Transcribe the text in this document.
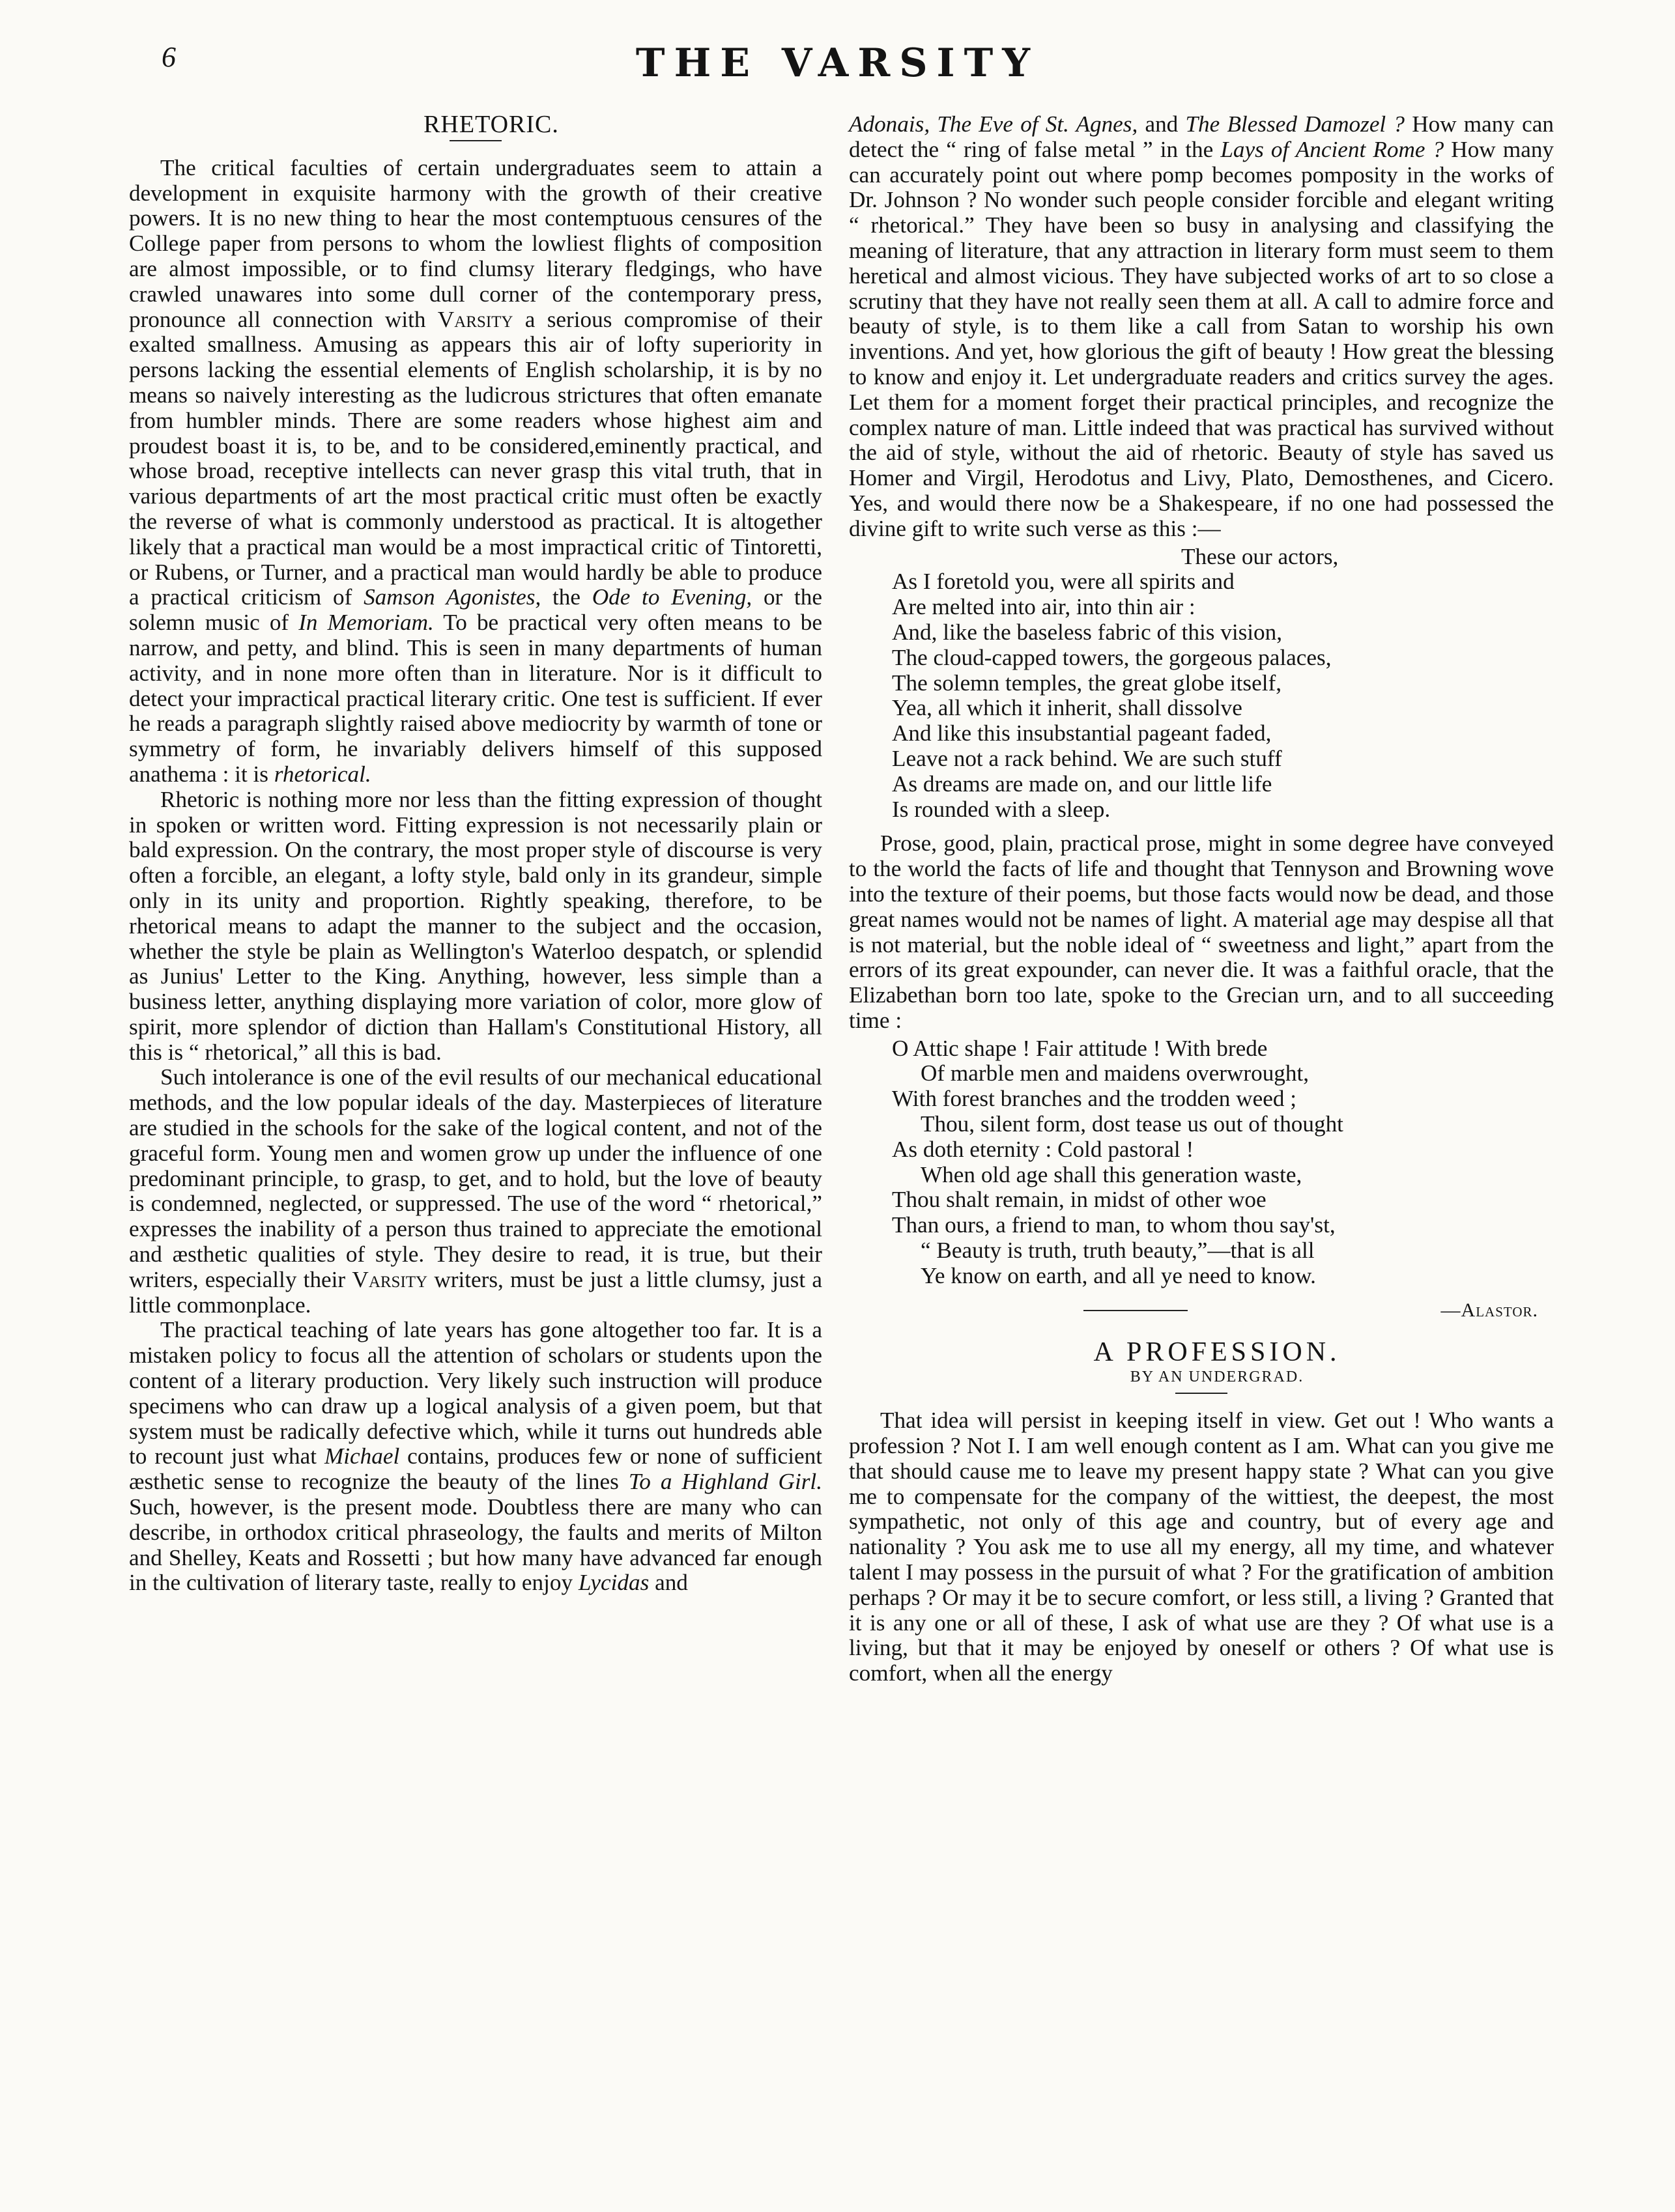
6	THE VARSITY

RHETORIC.

The critical faculties of certain undergraduates seem to attain a development in exquisite harmony with the growth of their creative powers. It is no new thing to hear the most contemptuous censures of the College paper from persons to whom the lowliest flights of composition are almost impossible, or to find clumsy literary fledgings, who have crawled unawares into some dull corner of the contemporary press, pronounce all connection with Varsity a serious compromise of their exalted smallness. Amusing as appears this air of lofty superiority in persons lacking the essential elements of English scholarship, it is by no means so naively interesting as the ludicrous strictures that often emanate from humbler minds. There are some readers whose highest aim and proudest boast it is, to be, and to be considered,eminently practical, and whose broad, receptive intellects can never grasp this vital truth, that in various departments of art the most practical critic must often be exactly the reverse of what is commonly understood as practical. It is altogether likely that a practical man would be a most impractical critic of Tintoretti, or Rubens, or Turner, and a practical man would hardly be able to produce a practical criticism of Samson Agonistes, the Ode to Evening, or the solemn music of In Memoriam. To be practical very often means to be narrow, and petty, and blind. This is seen in many departments of human activity, and in none more often than in literature. Nor is it difficult to detect your impractical practical literary critic. One test is sufficient. If ever he reads a paragraph slightly raised above mediocrity by warmth of tone or symmetry of form, he invariably delivers himself of this supposed anathema : it is rhetorical.

Rhetoric is nothing more nor less than the fitting expression of thought in spoken or written word. Fitting expression is not necessarily plain or bald expression. On the contrary, the most proper style of discourse is very often a forcible, an elegant, a lofty style, bald only in its grandeur, simple only in its unity and proportion. Rightly speaking, therefore, to be rhetorical means to adapt the manner to the subject and the occasion, whether the style be plain as Wellington's Waterloo despatch, or splendid as Junius' Letter to the King. Anything, however, less simple than a business letter, anything displaying more variation of color, more glow of spirit, more splendor of diction than Hallam's Constitutional History, all this is “ rhetorical,” all this is bad.

Such intolerance is one of the evil results of our mechanical educational methods, and the low popular ideals of the day. Masterpieces of literature are studied in the schools for the sake of the logical content, and not of the graceful form. Young men and women grow up under the influence of one predominant principle, to grasp, to get, and to hold, but the love of beauty is condemned, neglected, or suppressed. The use of the word “ rhetorical,” expresses the inability of a person thus trained to appreciate the emotional and æsthetic qualities of style. They desire to read, it is true, but their writers, especially their Varsity writers, must be just a little clumsy, just a little commonplace.

The practical teaching of late years has gone altogether too far. It is a mistaken policy to focus all the attention of scholars or students upon the content of a literary production. Very likely such instruction will produce specimens who can draw up a logical analysis of a given poem, but that system must be radically defective which, while it turns out hundreds able to recount just what Michael contains, produces few or none of sufficient æsthetic sense to recognize the beauty of the lines To a Highland Girl. Such, however, is the present mode. Doubtless there are many who can describe, in orthodox critical phraseology, the faults and merits of Milton and Shelley, Keats and Rossetti ; but how many have advanced far enough in the cultivation of literary taste, really to enjoy Lycidas and

Adonais, The Eve of St. Agnes, and The Blessed Damozel ? How many can detect the “ ring of false metal ” in the Lays of Ancient Rome ? How many can accurately point out where pomp becomes pomposity in the works of Dr. Johnson ? No wonder such people consider forcible and elegant writing “ rhetorical.” They have been so busy in analysing and classifying the meaning of literature, that any attraction in literary form must seem to them heretical and almost vicious. They have subjected works of art to so close a scrutiny that they have not really seen them at all. A call to admire force and beauty of style, is to them like a call from Satan to worship his own inventions. And yet, how glorious the gift of beauty ! How great the blessing to know and enjoy it. Let undergraduate readers and critics survey the ages. Let them for a moment forget their practical principles, and recognize the complex nature of man. Little indeed that was practical has survived without the aid of style, without the aid of rhetoric. Beauty of style has saved us Homer and Virgil, Herodotus and Livy, Plato, Demosthenes, and Cicero. Yes, and would there now be a Shakespeare, if no one had possessed the divine gift to write such verse as this :—

These our actors,
As I foretold you, were all spirits and
Are melted into air, into thin air :
And, like the baseless fabric of this vision,
The cloud-capped towers, the gorgeous palaces,
The solemn temples, the great globe itself,
Yea, all which it inherit, shall dissolve
And like this insubstantial pageant faded,
Leave not a rack behind. We are such stuff
As dreams are made on, and our little life
Is rounded with a sleep.

Prose, good, plain, practical prose, might in some degree have conveyed to the world the facts of life and thought that Tennyson and Browning wove into the texture of their poems, but those facts would now be dead, and those great names would not be names of light. A material age may despise all that is not material, but the noble ideal of “ sweetness and light,” apart from the errors of its great expounder, can never die. It was a faithful oracle, that the Elizabethan born too late, spoke to the Grecian urn, and to all succeeding time :

O Attic shape ! Fair attitude ! With brede
Of marble men and maidens overwrought,
With forest branches and the trodden weed ;
Thou, silent form, dost tease us out of thought
As doth eternity : Cold pastoral !
When old age shall this generation waste,
Thou shalt remain, in midst of other woe
Than ours, a friend to man, to whom thou say'st,
“ Beauty is truth, truth beauty,”—that is all
Ye know on earth, and all ye need to know.
—Alastor.

A PROFESSION.

BY AN UNDERGRAD.

That idea will persist in keeping itself in view. Get out ! Who wants a profession ? Not I. I am well enough content as I am. What can you give me that should cause me to leave my present happy state ? What can you give me to compensate for the company of the wittiest, the deepest, the most sympathetic, not only of this age and country, but of every age and nationality ? You ask me to use all my energy, all my time, and whatever talent I may possess in the pursuit of what ? For the gratification of ambition perhaps ? Or may it be to secure comfort, or less still, a living ? Granted that it is any one or all of these, I ask of what use are they ? Of what use is a living, but that it may be enjoyed by oneself or others ? Of what use is comfort, when all the energy
